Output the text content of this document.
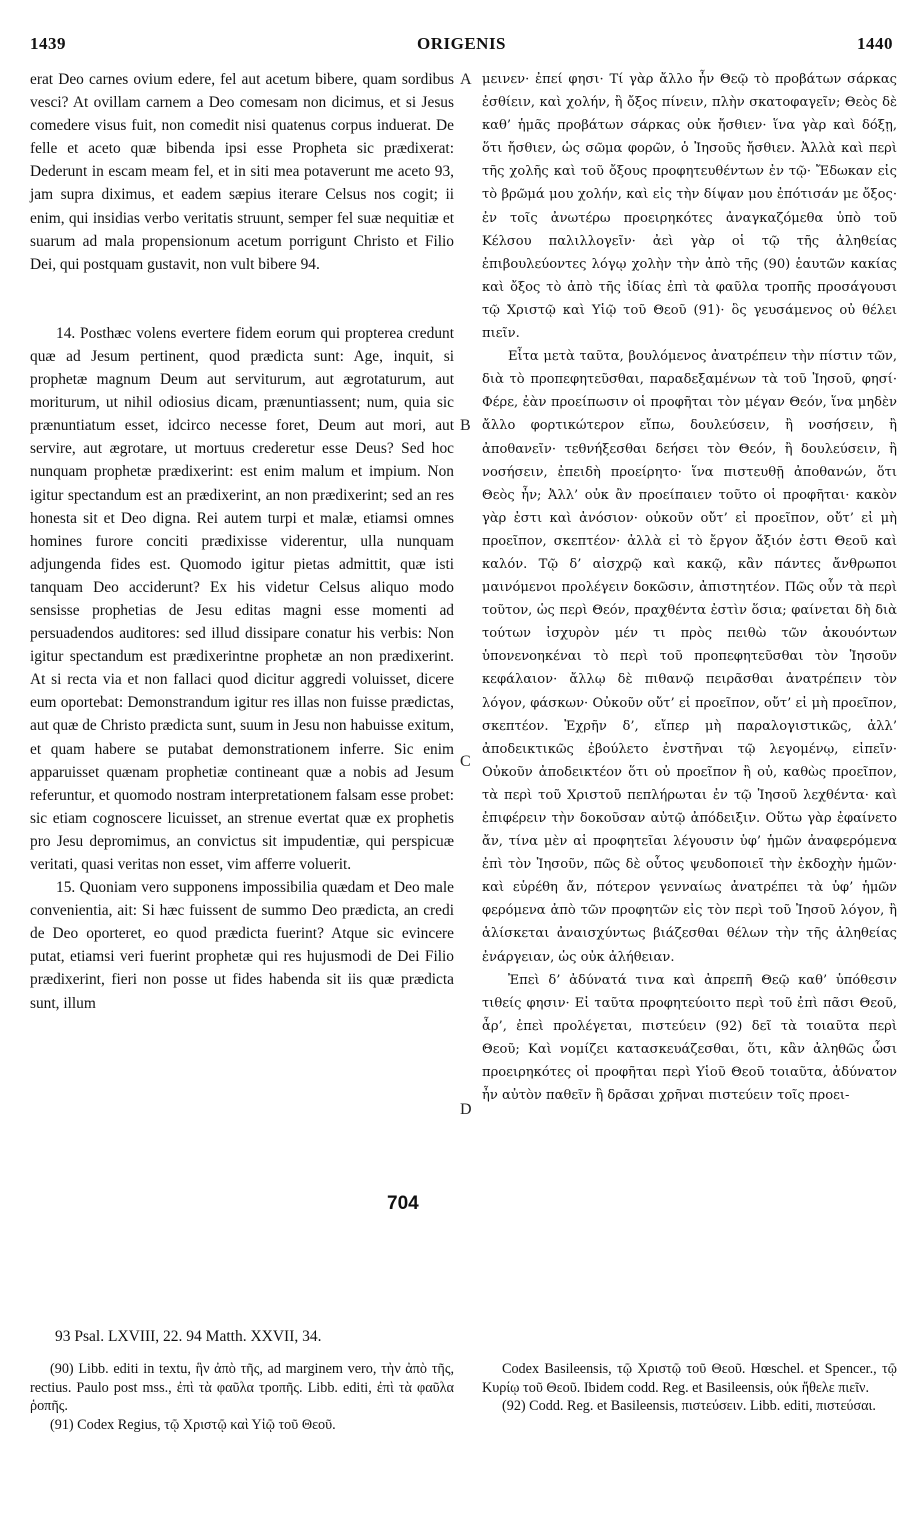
1439	ORIGENIS	1440

erat Deo carnes ovium edere, fel aut acetum bibere, quam sordibus vesci? At ovillam carnem a Deo comesam non dicimus, et si Jesus comedere visus fuit, non comedit nisi quatenus corpus induerat. De felle et aceto quæ bibenda ipsi esse Propheta sic prædixerat: Dederunt in escam meam fel, et in siti mea potaverunt me aceto 93, jam supra diximus, et eadem sæpius iterare Celsus nos cogit; ii enim, qui insidias verbo veritatis struunt, semper fel suæ nequitiæ et suarum ad mala propensionum acetum porrigunt Christo et Filio Dei, qui postquam gustavit, non vult bibere 94.

14. Posthæc volens evertere fidem eorum qui propterea credunt quæ ad Jesum pertinent, quod prædicta sunt: Age, inquit, si prophetæ magnum Deum aut serviturum, aut ægrotaturum, aut moriturum, ut nihil odiosius dicam, prænuntiassent; num, quia sic prænuntiatum esset, idcirco necesse foret, Deum aut mori, aut servire, aut ægrotare, ut mortuus crederetur esse Deus? Sed hoc nunquam prophetæ prædixerint: est enim malum et impium. Non igitur spectandum est an prædixerint, an non prædixerint; sed an res honesta sit et Deo digna. Rei autem turpi et malæ, etiamsi omnes homines furore conciti prædixisse viderentur, ulla nunquam adjungenda fides est. Quomodo igitur pietas admittit, quæ isti tanquam Deo acciderunt? Ex his videtur Celsus aliquo modo sensisse prophetias de Jesu editas magni esse momenti ad persuadendos auditores: sed illud dissipare conatur his verbis: Non igitur spectandum est prædixerintne prophetæ an non prædixerint. At si recta via et non fallaci quod dicitur aggredi voluisset, dicere eum oportebat: Demonstrandum igitur res illas non fuisse prædictas, aut quæ de Christo prædicta sunt, suum in Jesu non habuisse exitum, et quam habere se putabat demonstrationem inferre. Sic enim apparuisset quænam prophetiæ contineant quæ a nobis ad Jesum referuntur, et quomodo nostram interpretationem falsam esse probet: sic etiam cognoscere licuisset, an strenue evertat quæ ex prophetis pro Jesu depromimus, an convictus sit impudentiæ, qui perspicuæ veritati, quasi veritas non esset, vim afferre voluerit.

15. Quoniam vero supponens impossibilia quædam et Deo male convenientia, ait: Si hæc fuissent de summo Deo prædicta, an credi de Deo oporteret, eo quod prædicta fuerint? Atque sic evincere putat, etiamsi veri fuerint prophetæ qui res hujusmodi de Dei Filio prædixerint, fieri non posse ut fides habenda sit iis quæ prædicta sunt, illum

A
B
C
D
704

μεινεν· ἐπεί φησι· Τί γὰρ ἄλλο ἦν Θεῷ τὸ προβάτων σάρκας ἐσθίειν, καὶ χολήν, ἢ ὄξος πίνειν, πλὴν σκατοφαγεῖν; Θεὸς δὲ καθ’ ἡμᾶς προβάτων σάρκας οὐκ ἤσθιεν· ἵνα γὰρ καὶ δόξῃ, ὅτι ἤσθιεν, ὡς σῶμα φορῶν, ὁ Ἰησοῦς ἤσθιεν. Ἀλλὰ καὶ περὶ τῆς χολῆς καὶ τοῦ ὄξους προφητευθέντων ἐν τῷ· Ἔδωκαν εἰς τὸ βρῶμά μου χολήν, καὶ εἰς τὴν δίψαν μου ἐπότισάν με ὄξος· ἐν τοῖς ἀνωτέρω προειρηκότες ἀναγκαζόμεθα ὑπὸ τοῦ Κέλσου παλιλλογεῖν· ἀεὶ γὰρ οἱ τῷ τῆς ἀληθείας ἐπιβουλεύοντες λόγῳ χολὴν τὴν ἀπὸ τῆς (90) ἑαυτῶν κακίας καὶ ὄξος τὸ ἀπὸ τῆς ἰδίας ἐπὶ τὰ φαῦλα τροπῆς προσάγουσι τῷ Χριστῷ καὶ Υἱῷ τοῦ Θεοῦ (91)· ὃς γευσάμενος οὐ θέλει πιεῖν.

Εἶτα μετὰ ταῦτα, βουλόμενος ἀνατρέπειν τὴν πίστιν τῶν, διὰ τὸ προπεφητεῦσθαι, παραδεξαμένων τὰ τοῦ Ἰησοῦ, φησί· Φέρε, ἐὰν προείπωσιν οἱ προφῆται τὸν μέγαν Θεόν, ἵνα μηδὲν ἄλλο φορτικώτερον εἴπω, δουλεύσειν, ἢ νοσήσειν, ἢ ἀποθανεῖν· τεθνήξεσθαι δεήσει τὸν Θεόν, ἢ δουλεύσειν, ἢ νοσήσειν, ἐπειδὴ προείρητο· ἵνα πιστευθῇ ἀποθανών, ὅτι Θεὸς ἦν; Ἀλλ’ οὐκ ἂν προείπαιεν τοῦτο οἱ προφῆται· κακὸν γὰρ ἐστι καὶ ἀνόσιον· οὐκοῦν οὔτ’ εἰ προεῖπον, οὔτ’ εἰ μὴ προεῖπον, σκεπτέον· ἀλλὰ εἰ τὸ ἔργον ἄξιόν ἐστι Θεοῦ καὶ καλόν. Τῷ δ’ αἰσχρῷ καὶ κακῷ, κἂν πάντες ἄνθρωποι μαινόμενοι προλέγειν δοκῶσιν, ἀπιστητέον. Πῶς οὖν τὰ περὶ τοῦτον, ὡς περὶ Θεόν, πραχθέντα ἐστὶν ὅσια; φαίνεται δὴ διὰ τούτων ἰσχυρὸν μέν τι πρὸς πειθὼ τῶν ἀκουόντων ὑπονενοηκέναι τὸ περὶ τοῦ προπεφητεῦσθαι τὸν Ἰησοῦν κεφάλαιον· ἄλλῳ δὲ πιθανῷ πειρᾶσθαι ἀνατρέπειν τὸν λόγον, φάσκων· Οὐκοῦν οὔτ’ εἰ προεῖπον, οὔτ’ εἰ μὴ προεῖπον, σκεπτέον. Ἐχρῆν δ’, εἴπερ μὴ παραλογιστικῶς, ἀλλ’ ἀποδεικτικῶς ἐβούλετο ἐνστῆναι τῷ λεγομένῳ, εἰπεῖν· Οὐκοῦν ἀποδεικτέον ὅτι οὐ προεῖπον ἢ οὐ, καθὼς προεῖπον, τὰ περὶ τοῦ Χριστοῦ πεπλήρωται ἐν τῷ Ἰησοῦ λεχθέντα· καὶ ἐπιφέρειν τὴν δοκοῦσαν αὐτῷ ἀπόδειξιν. Οὕτω γὰρ ἐφαίνετο ἄν, τίνα μὲν αἱ προφητεῖαι λέγουσιν ὑφ’ ἡμῶν ἀναφερόμενα ἐπὶ τὸν Ἰησοῦν, πῶς δὲ οὗτος ψευδοποιεῖ τὴν ἐκδοχὴν ἡμῶν· καὶ εὑρέθη ἄν, πότερον γενναίως ἀνατρέπει τὰ ὑφ’ ἡμῶν φερόμενα ἀπὸ τῶν προφητῶν εἰς τὸν περὶ τοῦ Ἰησοῦ λόγον, ἢ ἁλίσκεται ἀναισχύντως βιάζεσθαι θέλων τὴν τῆς ἀληθείας ἐνάργειαν, ὡς οὐκ ἀλήθειαν.

Ἐπεὶ δ’ ἀδύνατά τινα καὶ ἀπρεπῆ Θεῷ καθ’ ὑπόθεσιν τιθείς φησιν· Εἰ ταῦτα προφητεύοιτο περὶ τοῦ ἐπὶ πᾶσι Θεοῦ, ἆρ’, ἐπεὶ προλέγεται, πιστεύειν (92) δεῖ τὰ τοιαῦτα περὶ Θεοῦ; Καὶ νομίζει κατασκευάζεσθαι, ὅτι, κἂν ἀληθῶς ὦσι προειρηκότες οἱ προφῆται περὶ Υἱοῦ Θεοῦ τοιαῦτα, ἀδύνατον ἦν αὐτὸν παθεῖν ἢ δρᾶσαι χρῆναι πιστεύειν τοῖς προει-

93 Psal. LXVIII, 22. 94 Matth. XXVII, 34.

(90) Libb. editi in textu, ἣν ἀπὸ τῆς, ad marginem vero, τὴν ἀπὸ τῆς, rectius. Paulo post mss., ἐπὶ τὰ φαῦλα τροπῆς. Libb. editi, ἐπὶ τὰ φαῦλα ῥοπῆς.

(91) Codex Regius, τῷ Χριστῷ καὶ Υἱῷ τοῦ Θεοῦ.

Codex Basileensis, τῷ Χριστῷ τοῦ Θεοῦ. Hœschel. et Spencer., τῷ Κυρίῳ τοῦ Θεοῦ. Ibidem codd. Reg. et Basileensis, οὐκ ἤθελε πιεῖν.

(92) Codd. Reg. et Basileensis, πιστεύσειν. Libb. editi, πιστεύσαι.
